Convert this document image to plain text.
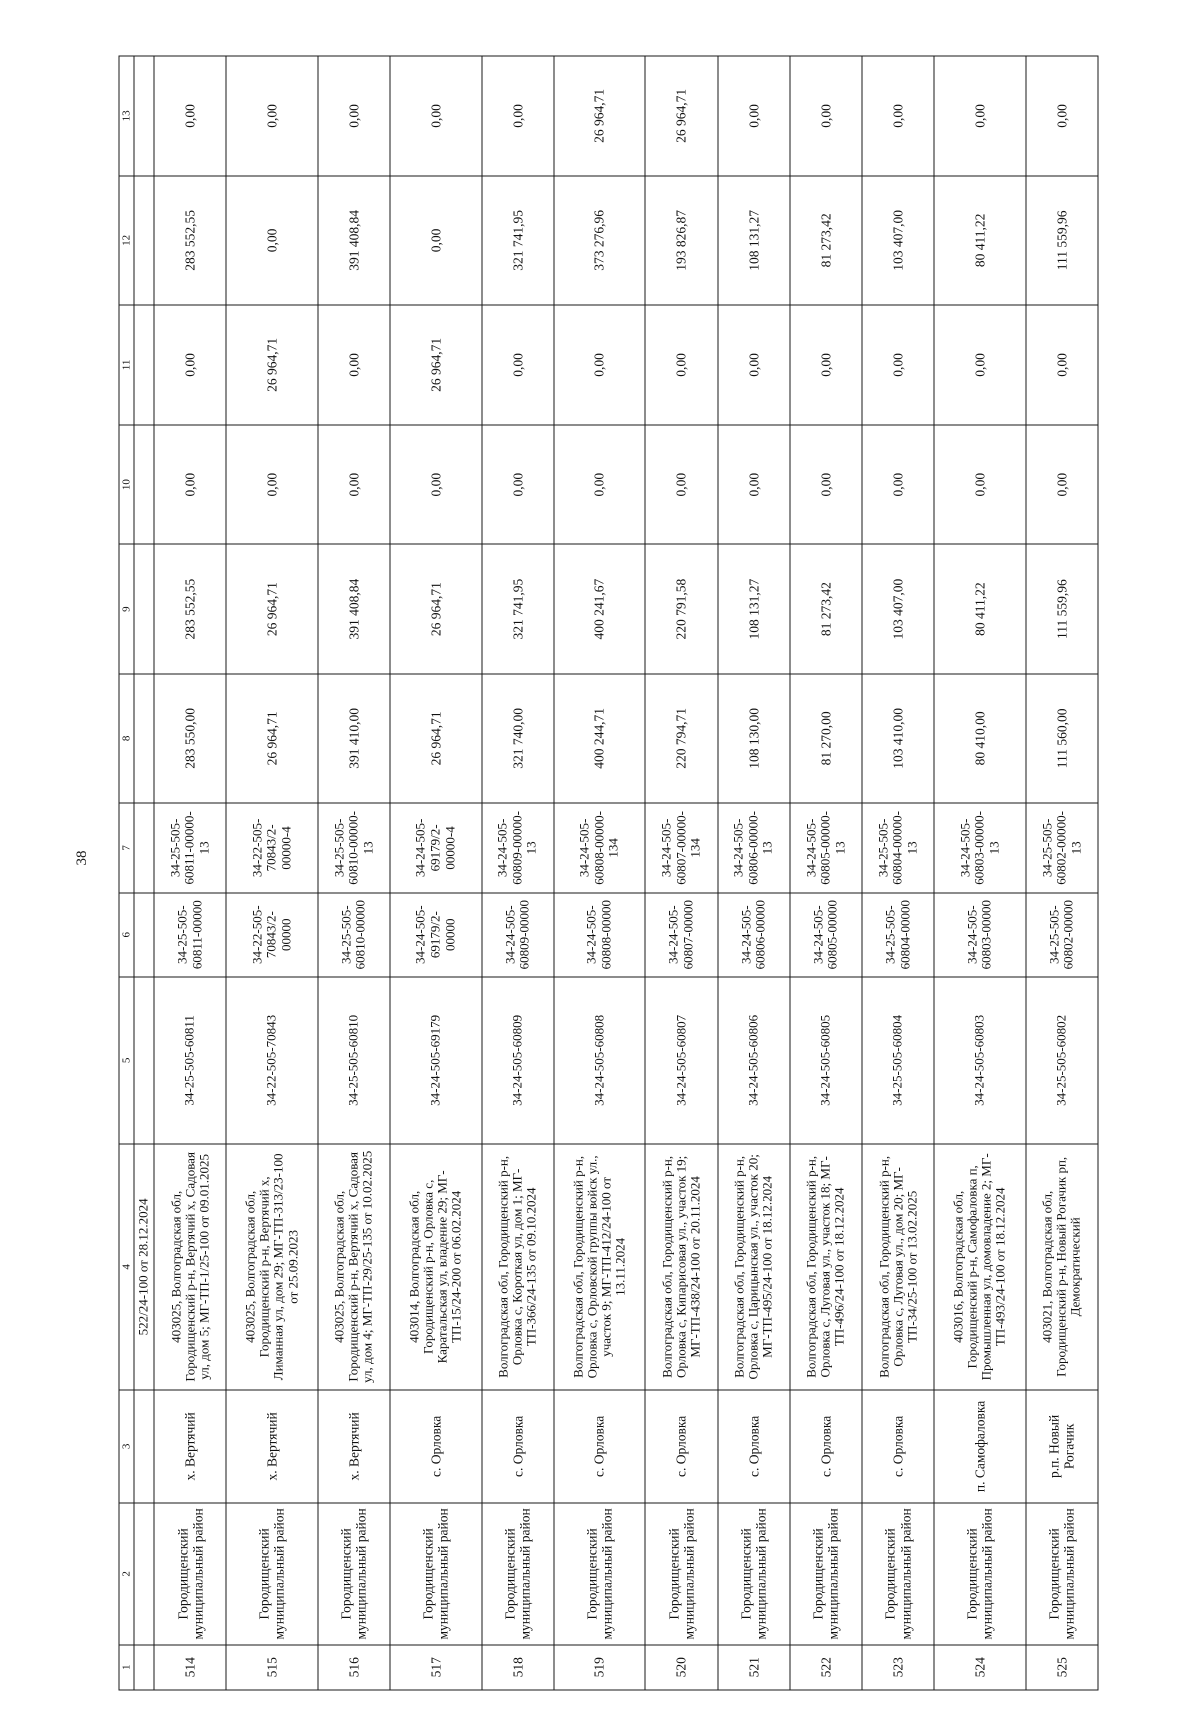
38
1	2	3	4	5	6	7	8	9	10	11	12	13
			522/24-100 от 28.12.2024									
514	Городищенский муниципальный район	х. Вертячий	403025, Волгоградская обл, Городищенский р-н, Вертячий х, Садовая ул, дом 5; МГ-ТП-1/25-100 от 09.01.2025	34-25-505-60811	34-25-505-60811-00000	34-25-505-60811-00000-13	283 550,00	283 552,55	0,00	0,00	283 552,55	0,00
515	Городищенский муниципальный район	х. Вертячий	403025, Волгоградская обл, Городищенский р-н, Вертячий х, Лиманная ул, дом 29; МГ-ТП-313/23-100 от 25.09.2023	34-22-505-70843	34-22-505-70843/2-00000	34-22-505-70843/2-00000-4	26 964,71	26 964,71	0,00	26 964,71	0,00	0,00
516	Городищенский муниципальный район	х. Вертячий	403025, Волгоградская обл, Городищенский р-н, Вертячий х, Садовая ул, дом 4; МГ-ТП-29/25-135 от 10.02.2025	34-25-505-60810	34-25-505-60810-00000	34-25-505-60810-00000-13	391 410,00	391 408,84	0,00	0,00	391 408,84	0,00
517	Городищенский муниципальный район	с. Орловка	403014, Волгоградская обл, Городищенский р-н, Орловка с, Каратальская ул, владение 29; МГ-ТП-15/24-200 от 06.02.2024	34-24-505-69179	34-24-505-69179/2-00000	34-24-505-69179/2-00000-4	26 964,71	26 964,71	0,00	26 964,71	0,00	0,00
518	Городищенский муниципальный район	с. Орловка	Волгоградская обл, Городищенский р-н, Орловка с, Короткая ул, дом 1; МГ-ТП-366/24-135 от 09.10.2024	34-24-505-60809	34-24-505-60809-00000	34-24-505-60809-00000-13	321 740,00	321 741,95	0,00	0,00	321 741,95	0,00
519	Городищенский муниципальный район	с. Орловка	Волгоградская обл, Городищенский р-н, Орловка с, Орловской группы войск ул., участок 9; МГ-ТП-412/24-100 от 13.11.2024	34-24-505-60808	34-24-505-60808-00000	34-24-505-60808-00000-134	400 244,71	400 241,67	0,00	0,00	373 276,96	26 964,71
520	Городищенский муниципальный район	с. Орловка	Волгоградская обл, Городищенский р-н, Орловка с, Кипарисовая ул., участок 19; МГ-ТП-438/24-100 от 20.11.2024	34-24-505-60807	34-24-505-60807-00000	34-24-505-60807-00000-134	220 794,71	220 791,58	0,00	0,00	193 826,87	26 964,71
521	Городищенский муниципальный район	с. Орловка	Волгоградская обл, Городищенский р-н, Орловка с, Царицынская ул., участок 20; МГ-ТП-495/24-100 от 18.12.2024	34-24-505-60806	34-24-505-60806-00000	34-24-505-60806-00000-13	108 130,00	108 131,27	0,00	0,00	108 131,27	0,00
522	Городищенский муниципальный район	с. Орловка	Волгоградская обл, Городищенский р-н, Орловка с, Луговая ул., участок 18; МГ-ТП-496/24-100 от 18.12.2024	34-24-505-60805	34-24-505-60805-00000	34-24-505-60805-00000-13	81 270,00	81 273,42	0,00	0,00	81 273,42	0,00
523	Городищенский муниципальный район	с. Орловка	Волгоградская обл, Городищенский р-н, Орловка с, Луговая ул., дом 20; МГ-ТП-34/25-100 от 13.02.2025	34-25-505-60804	34-25-505-60804-00000	34-25-505-60804-00000-13	103 410,00	103 407,00	0,00	0,00	103 407,00	0,00
524	Городищенский муниципальный район	п. Самофаловка	403016, Волгоградская обл, Городищенский р-н, Самофаловка п, Промышленная ул, домовладение 2; МГ-ТП-493/24-100 от 18.12.2024	34-24-505-60803	34-24-505-60803-00000	34-24-505-60803-00000-13	80 410,00	80 411,22	0,00	0,00	80 411,22	0,00
525	Городищенский муниципальный район	р.п. Новый Рогачик	403021, Волгоградская обл, Городищенский р-н, Новый Рогачик рп, Демократический	34-25-505-60802	34-25-505-60802-00000	34-25-505-60802-00000-13	111 560,00	111 559,96	0,00	0,00	111 559,96	0,00
